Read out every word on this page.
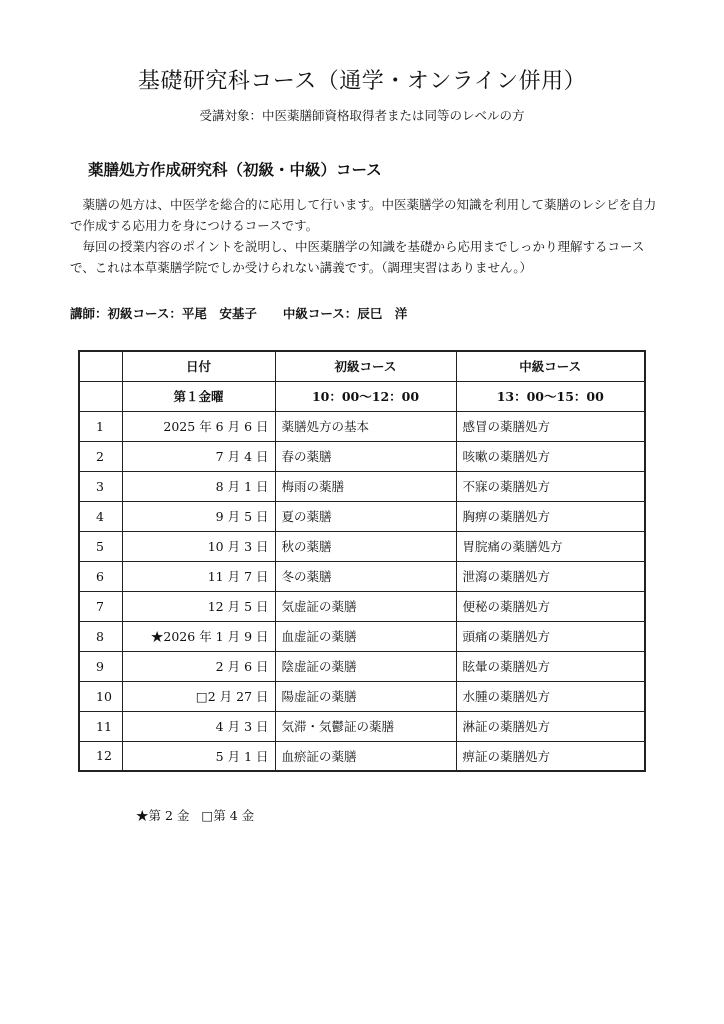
基礎研究科コース（通学・オンライン併用）
受講対象：中医薬膳師資格取得者または同等のレベルの方
薬膳処方作成研究科（初級・中級）コース

薬膳の処方は、中医学を総合的に応用して行います。中医薬膳学の知識を利用して薬膳のレシピを自力で作成する応用力を身につけるコースです。

毎回の授業内容のポイントを説明し、中医薬膳学の知識を基礎から応用までしっかり理解するコースで、これは本草薬膳学院でしか受けられない講義です。（調理実習はありません。）

講師：初級コース：平尾　安基子 中級コース：辰巳　洋
	日付	初級コース	中級コース
	第１金曜	10：00～12：00	13：00～15：00
1	2025 年 6 月 6 日	薬膳処方の基本	感冒の薬膳処方
2	7 月 4 日	春の薬膳	咳嗽の薬膳処方
3	8 月 1 日	梅雨の薬膳	不寐の薬膳処方
4	9 月 5 日	夏の薬膳	胸痹の薬膳処方
5	10 月 3 日	秋の薬膳	胃脘痛の薬膳処方
6	11 月 7 日	冬の薬膳	泄瀉の薬膳処方
7	12 月 5 日	気虚証の薬膳	便秘の薬膳処方
8	★2026 年 1 月 9 日	血虚証の薬膳	頭痛の薬膳処方
9	2 月 6 日	陰虚証の薬膳	眩暈の薬膳処方
10	□2 月 27 日	陽虚証の薬膳	水腫の薬膳処方
11	4 月 3 日	気滞・気鬱証の薬膳	淋証の薬膳処方
12	5 月 1 日	血瘀証の薬膳	痹証の薬膳処方
★第 2 金 □第 4 金
